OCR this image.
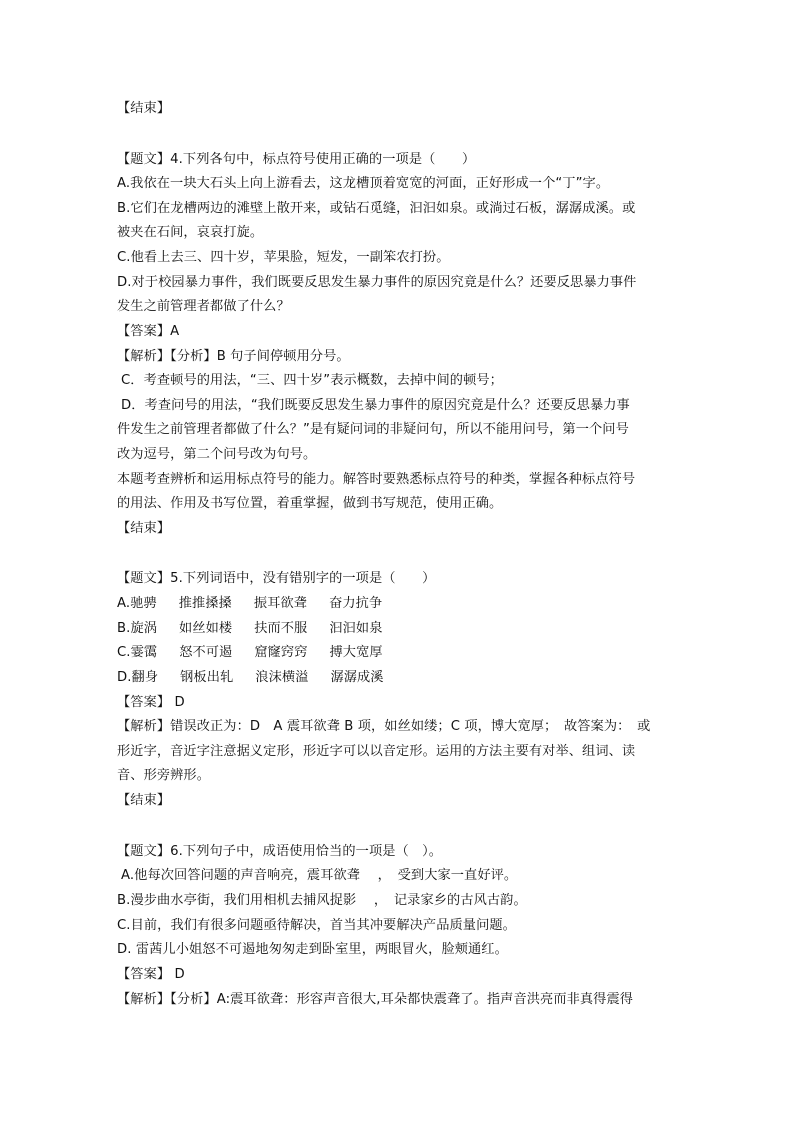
【结束】
【题文】4.下列各句中，标点符号使用正确的一项是（　　）
A.我依在一块大石头上向上游看去，这龙槽顶着宽宽的河面，正好形成一个“丁”字。
B.它们在龙槽两边的滩壁上散开来，或钻石觅缝，汩汩如泉。或淌过石板，潺潺成溪。或
被夹在石间，哀哀打旋。
C.他看上去三、四十岁，苹果脸，短发，一副笨农打扮。
D.对于校园暴力事件，我们既要反思发生暴力事件的原因究竟是什么？还要反思暴力事件
发生之前管理者都做了什么？
【答案】A
【解析】【分析】B 句子间停顿用分号。
C．考查顿号的用法，“三、四十岁”表示概数，去掉中间的顿号；
D．考查问号的用法，“我们既要反思发生暴力事件的原因究竟是什么？还要反思暴力事
件发生之前管理者都做了什么？”是有疑问词的非疑问句，所以不能用问号，第一个问号
改为逗号，第二个问号改为句号。
本题考查辨析和运用标点符号的能力。解答时要熟悉标点符号的种类，掌握各种标点符号
的用法、作用及书写位置，着重掌握，做到书写规范，使用正确。
【结束】
【题文】5.下列词语中，没有错别字的一项是（　　）
A.驰骋 推推搡搡 振耳欲聋 奋力抗争
B.旋涡 如丝如楼 扶而不服 汩汩如泉
C.霎霭 怒不可遏 窟窿窍窍 搏大宽厚
D.翻身 钢板出轧 浪沫横溢 潺潺成溪
【答案】 D
【解析】错误改正为：D　A 震耳欲聋 B 项，如丝如缕；C 项，博大宽厚；　故答案为：　或
形近字，音近字注意据义定形，形近字可以以音定形。运用的方法主要有对举、组词、读
音、形旁辨形。
【结束】
【题文】6.下列句子中，成语使用恰当的一项是（　）。
A.他每次回答问题的声音响亮，震耳欲聋　 ，　受到大家一直好评。
B.漫步曲水亭街，我们用相机去捕风捉影　 ，　记录家乡的古风古韵。
C.目前，我们有很多问题亟待解决，首当其冲要解决产品质量问题。
D. 雷茜儿小姐怒不可遏地匆匆走到卧室里，两眼冒火，脸颊通红。
【答案】 D
【解析】【分析】A:震耳欲聋：形容声音很大,耳朵都快震聋了。指声音洪亮而非真得震得
